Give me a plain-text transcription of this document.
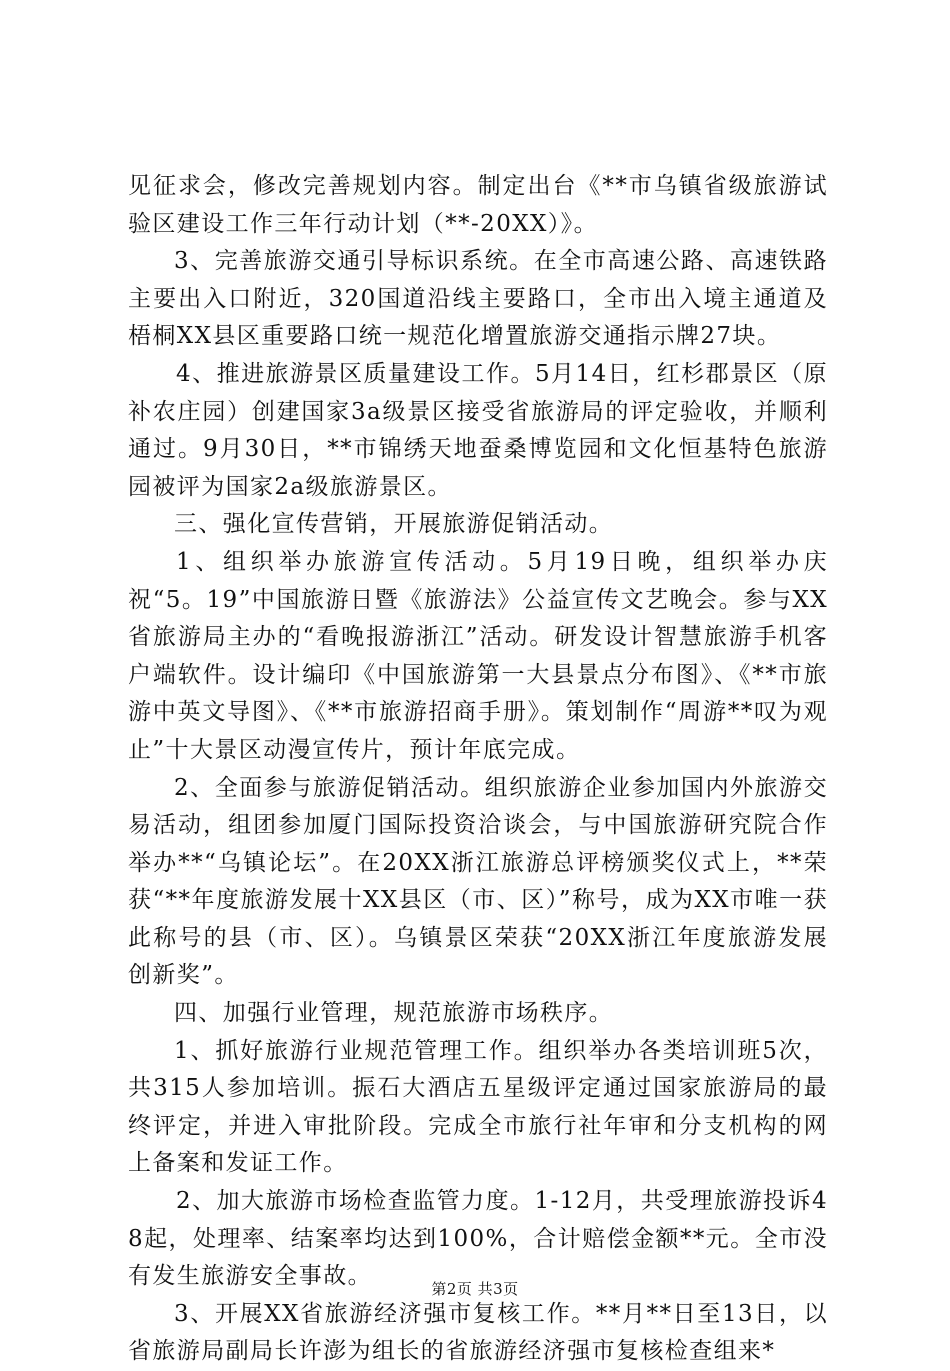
见征求会，修改完善规划内容。制定出台《**市乌镇省级旅游试验区建设工作三年行动计划（**-20XX）》。

3、完善旅游交通引导标识系统。在全市高速公路、高速铁路主要出入口附近，320国道沿线主要路口，全市出入境主通道及梧桐XX县区重要路口统一规范化增置旅游交通指示牌27块。

4、推进旅游景区质量建设工作。5月14日，红杉郡景区（原补农庄园）创建国家3a级景区接受省旅游局的评定验收，并顺利通过。9月30日，**市锦绣天地蚕桑博览园和文化恒基特色旅游园被评为国家2a级旅游景区。

三、强化宣传营销，开展旅游促销活动。

1、组织举办旅游宣传活动。5月19日晚，组织举办庆祝“5。19”中国旅游日暨《旅游法》公益宣传文艺晚会。参与XX省旅游局主办的“看晚报游浙江”活动。研发设计智慧旅游手机客户端软件。设计编印《中国旅游第一大县景点分布图》、《**市旅游中英文导图》、《**市旅游招商手册》。策划制作“周游**叹为观止”十大景区动漫宣传片，预计年底完成。

2、全面参与旅游促销活动。组织旅游企业参加国内外旅游交易活动，组团参加厦门国际投资洽谈会，与中国旅游研究院合作举办**“乌镇论坛”。在20XX浙江旅游总评榜颁奖仪式上，**荣获“**年度旅游发展十XX县区（市、区）”称号，成为XX市唯一获此称号的县（市、区）。乌镇景区荣获“20XX浙江年度旅游发展创新奖”。

四、加强行业管理，规范旅游市场秩序。

1、抓好旅游行业规范管理工作。组织举办各类培训班5次，共315人参加培训。振石大酒店五星级评定通过国家旅游局的最终评定，并进入审批阶段。完成全市旅行社年审和分支机构的网上备案和发证工作。

2、加大旅游市场检查监管力度。1-12月，共受理旅游投诉48起，处理率、结案率均达到100%，合计赔偿金额**元。全市没有发生旅游安全事故。

3、开展XX省旅游经济强市复核工作。**月**日至13日，以省旅游局副局长许澎为组长的省旅游经济强市复核检查组来*

第2页 共3页
